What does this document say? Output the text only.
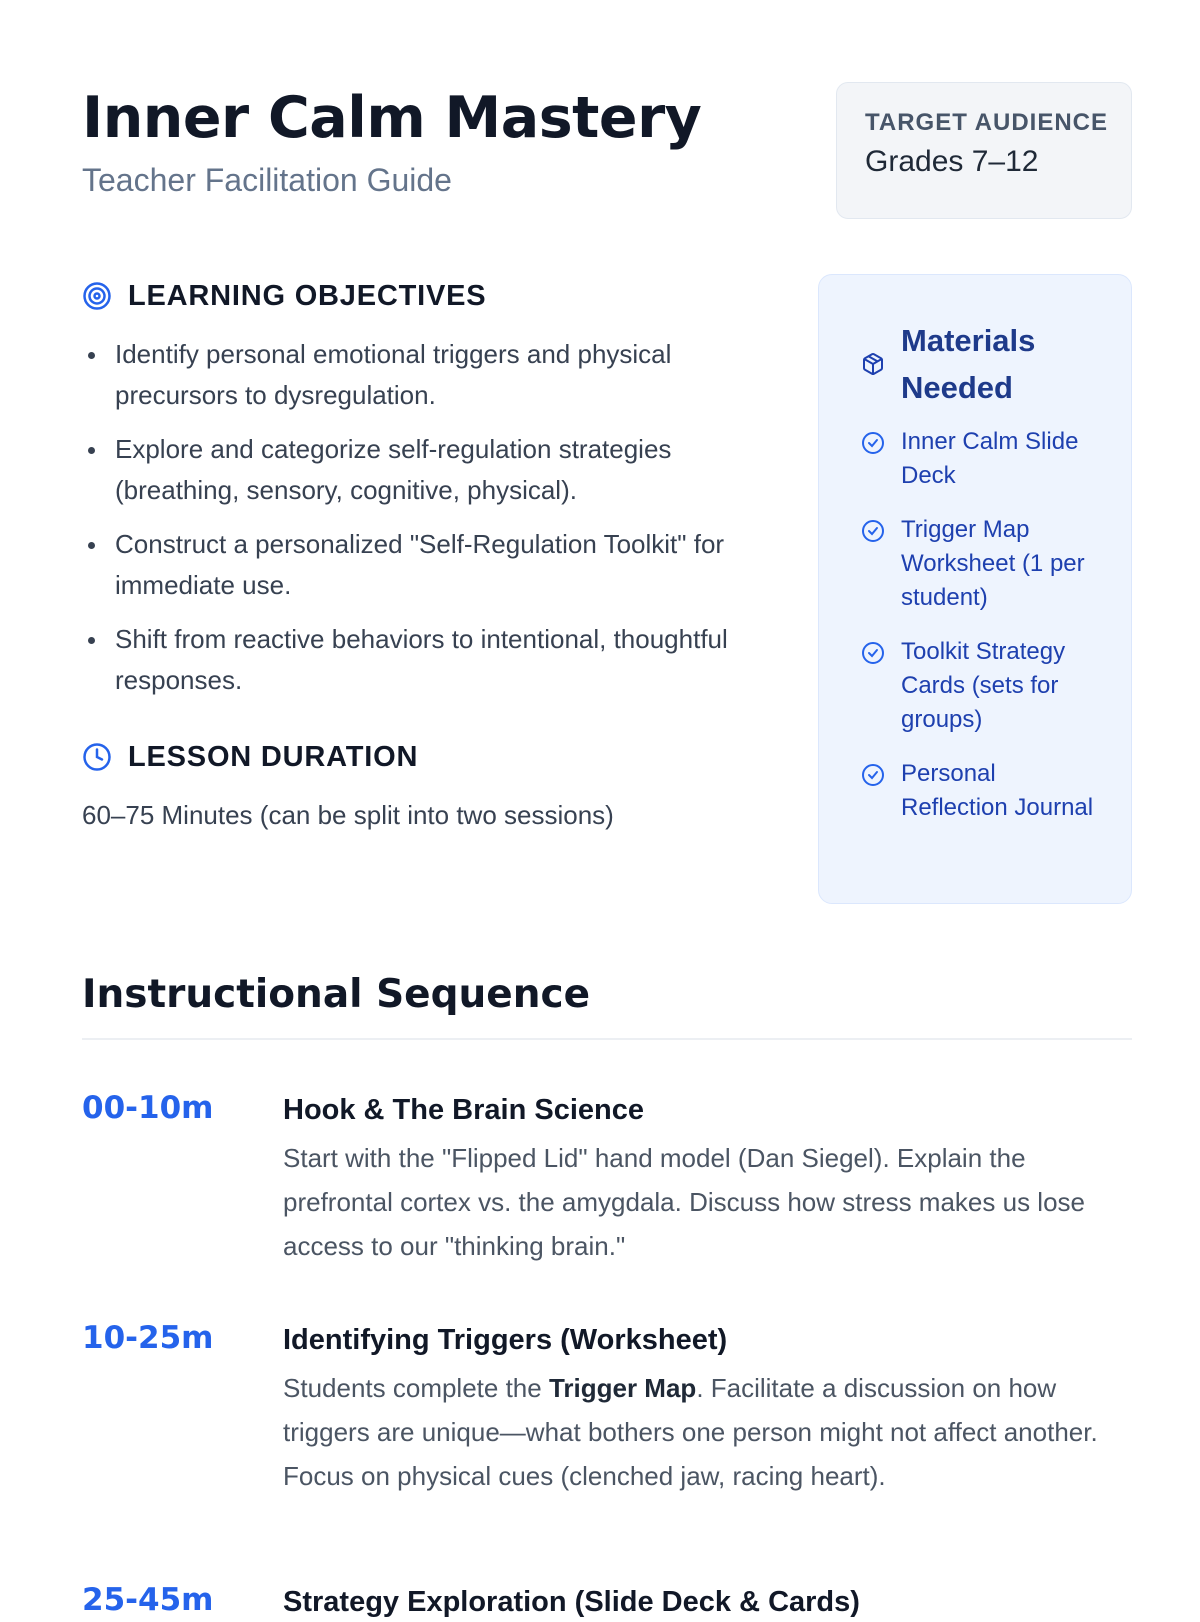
Inner Calm Mastery
Teacher Facilitation Guide
TARGET AUDIENCE
Grades 7–12
LEARNING OBJECTIVES
Identify personal emotional triggers and physical precursors to dysregulation.
Explore and categorize self-regulation strategies (breathing, sensory, cognitive, physical).
Construct a personalized "Self-Regulation Toolkit" for immediate use.
Shift from reactive behaviors to intentional, thoughtful responses.
LESSON DURATION
60–75 Minutes (can be split into two sessions)
Materials Needed
Inner Calm Slide Deck
Trigger Map Worksheet (1 per student)
Toolkit Strategy Cards (sets for groups)
Personal Reflection Journal
Instructional Sequence
00-10m Hook & The Brain Science
Start with the "Flipped Lid" hand model (Dan Siegel). Explain the prefrontal cortex vs. the amygdala. Discuss how stress makes us lose access to our "thinking brain."
10-25m Identifying Triggers (Worksheet)
Students complete the Trigger Map. Facilitate a discussion on how triggers are unique—what bothers one person might not affect another. Focus on physical cues (clenched jaw, racing heart).
25-45m Strategy Exploration (Slide Deck & Cards)
